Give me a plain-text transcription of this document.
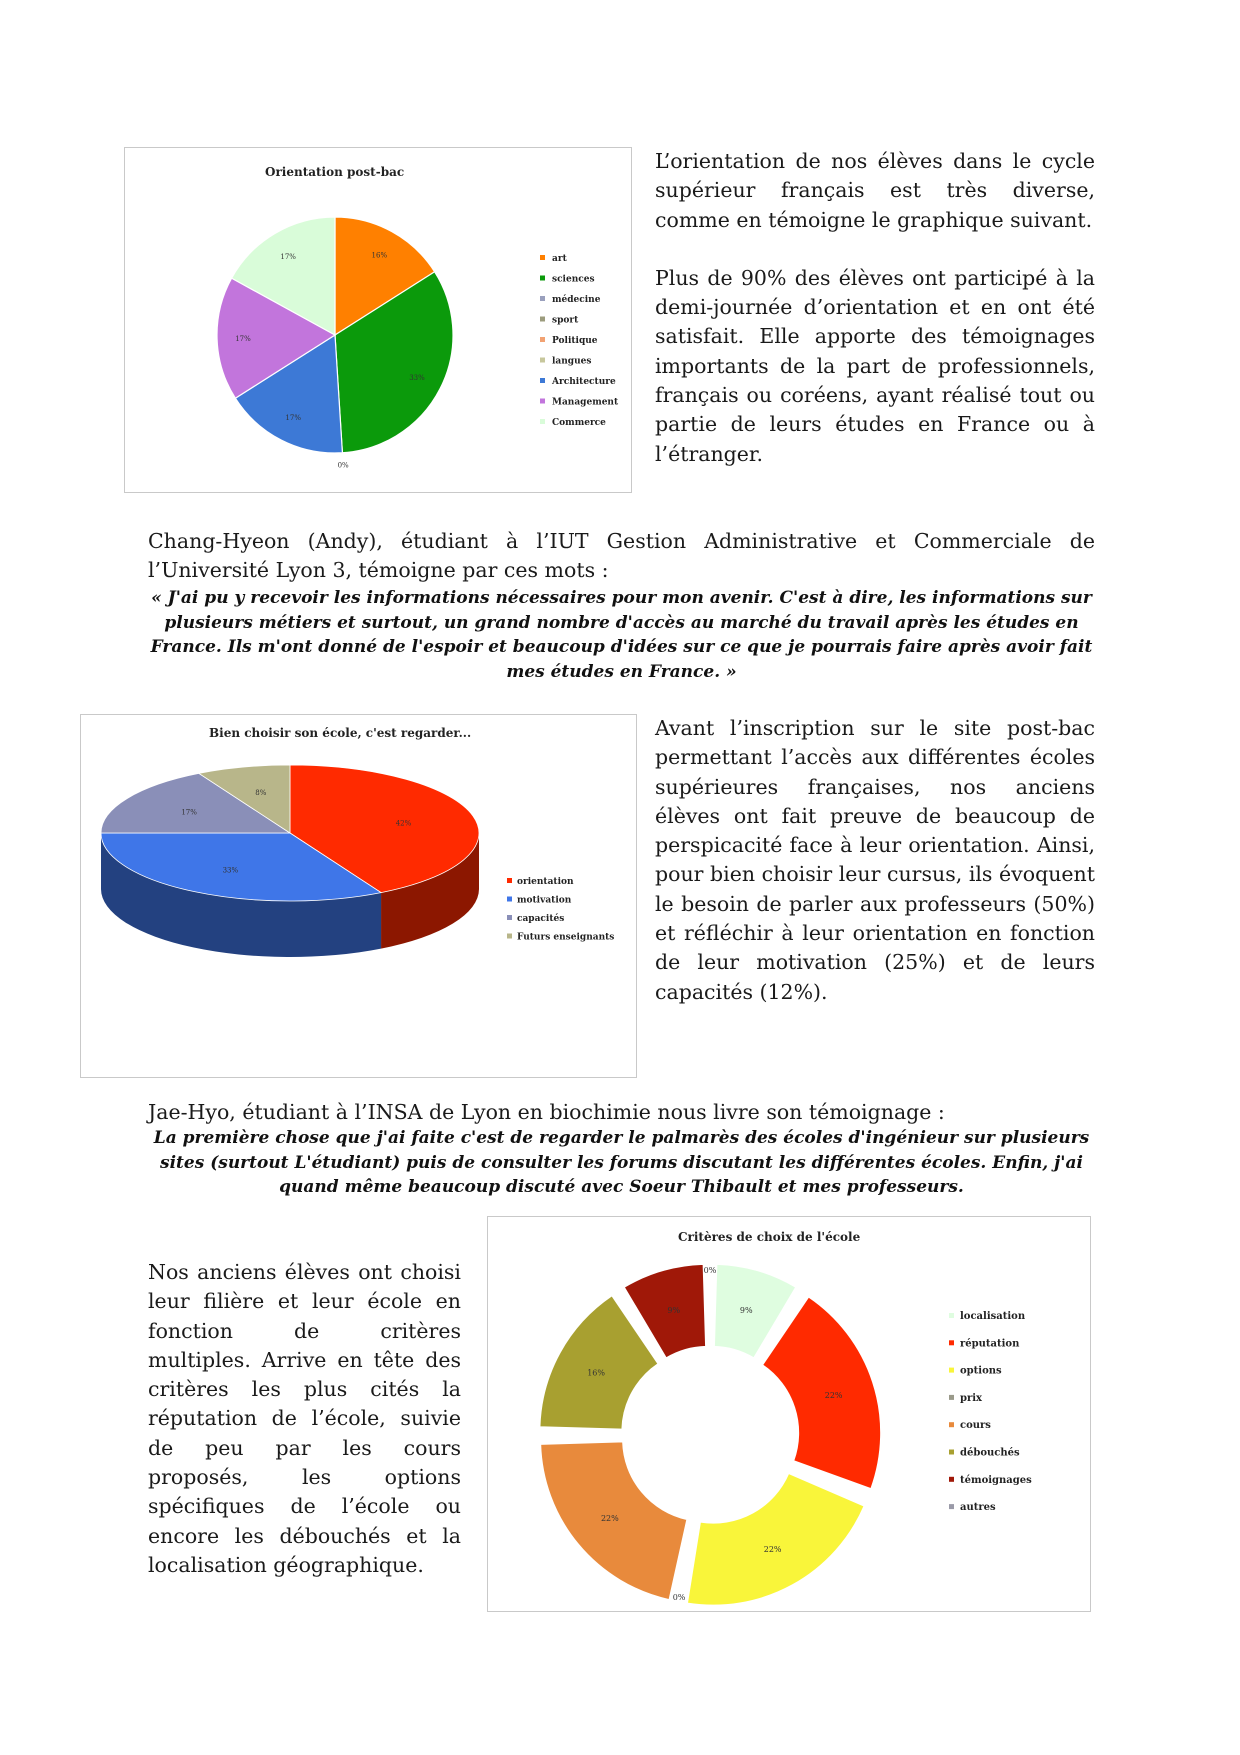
Orientation post-bac
16%
33%
0%
17%
17%
17%	art
sciences
médecine
sport
Politique
langues
Architecture
Management
Commerce

L’orientation de nos élèves dans le cycle supérieur français est très diverse, comme en témoigne le graphique suivant.

Plus de 90% des élèves ont participé à la demi-journée d’orientation et en ont été satisfait. Elle apporte des témoignages importants de la part de professionnels, français ou coréens, ayant réalisé tout ou partie de leurs études en France ou à l’étranger.

Chang-Hyeon (Andy), étudiant à l’IUT Gestion Administrative et Commerciale de l’Université Lyon 3, témoigne par ces mots :
« J'ai pu y recevoir les informations nécessaires pour mon avenir. C'est à dire, les informations sur plusieurs métiers et surtout, un grand nombre d'accès au marché du travail après les études en France. Ils m'ont donné de l'espoir et beaucoup d'idées sur ce que je pourrais faire après avoir fait mes études en France. »
Bien choisir son école, c'est regarder...
42%
33%
17%
8%
orientation
motivation
capacités
Futurs enseignants
Avant l’inscription sur le site post-bac permettant l’accès aux différentes écoles supérieures françaises, nos anciens élèves ont fait preuve de beaucoup de perspicacité face à leur orientation. Ainsi, pour bien choisir leur cursus, ils évoquent le besoin de parler aux professeurs (50%) et réfléchir à leur orientation en fonction de leur motivation (25%) et de leurs capacités (12%).
Jae-Hyo, étudiant à l’INSA de Lyon en biochimie nous livre son témoignage :
La première chose que j'ai faite c'est de regarder le palmarès des écoles d'ingénieur sur plusieurs sites (surtout L'étudiant) puis de consulter les forums discutant les différentes écoles. Enfin, j'ai quand même beaucoup discuté avec Soeur Thibault et mes professeurs.
Nos anciens élèves ont choisi leur filière et leur école en fonction de critères multiples. Arrive en tête des critères les plus cités la réputation de l’école, suivie de peu par les cours proposés, les options spécifiques de l’école ou encore les débouchés et la localisation géographique.
Critères de choix de l'école
9%
22%
22%
0%
22%
16%
9%
0%
localisation
réputation
options
prix
cours
débouchés
témoignages
autres
